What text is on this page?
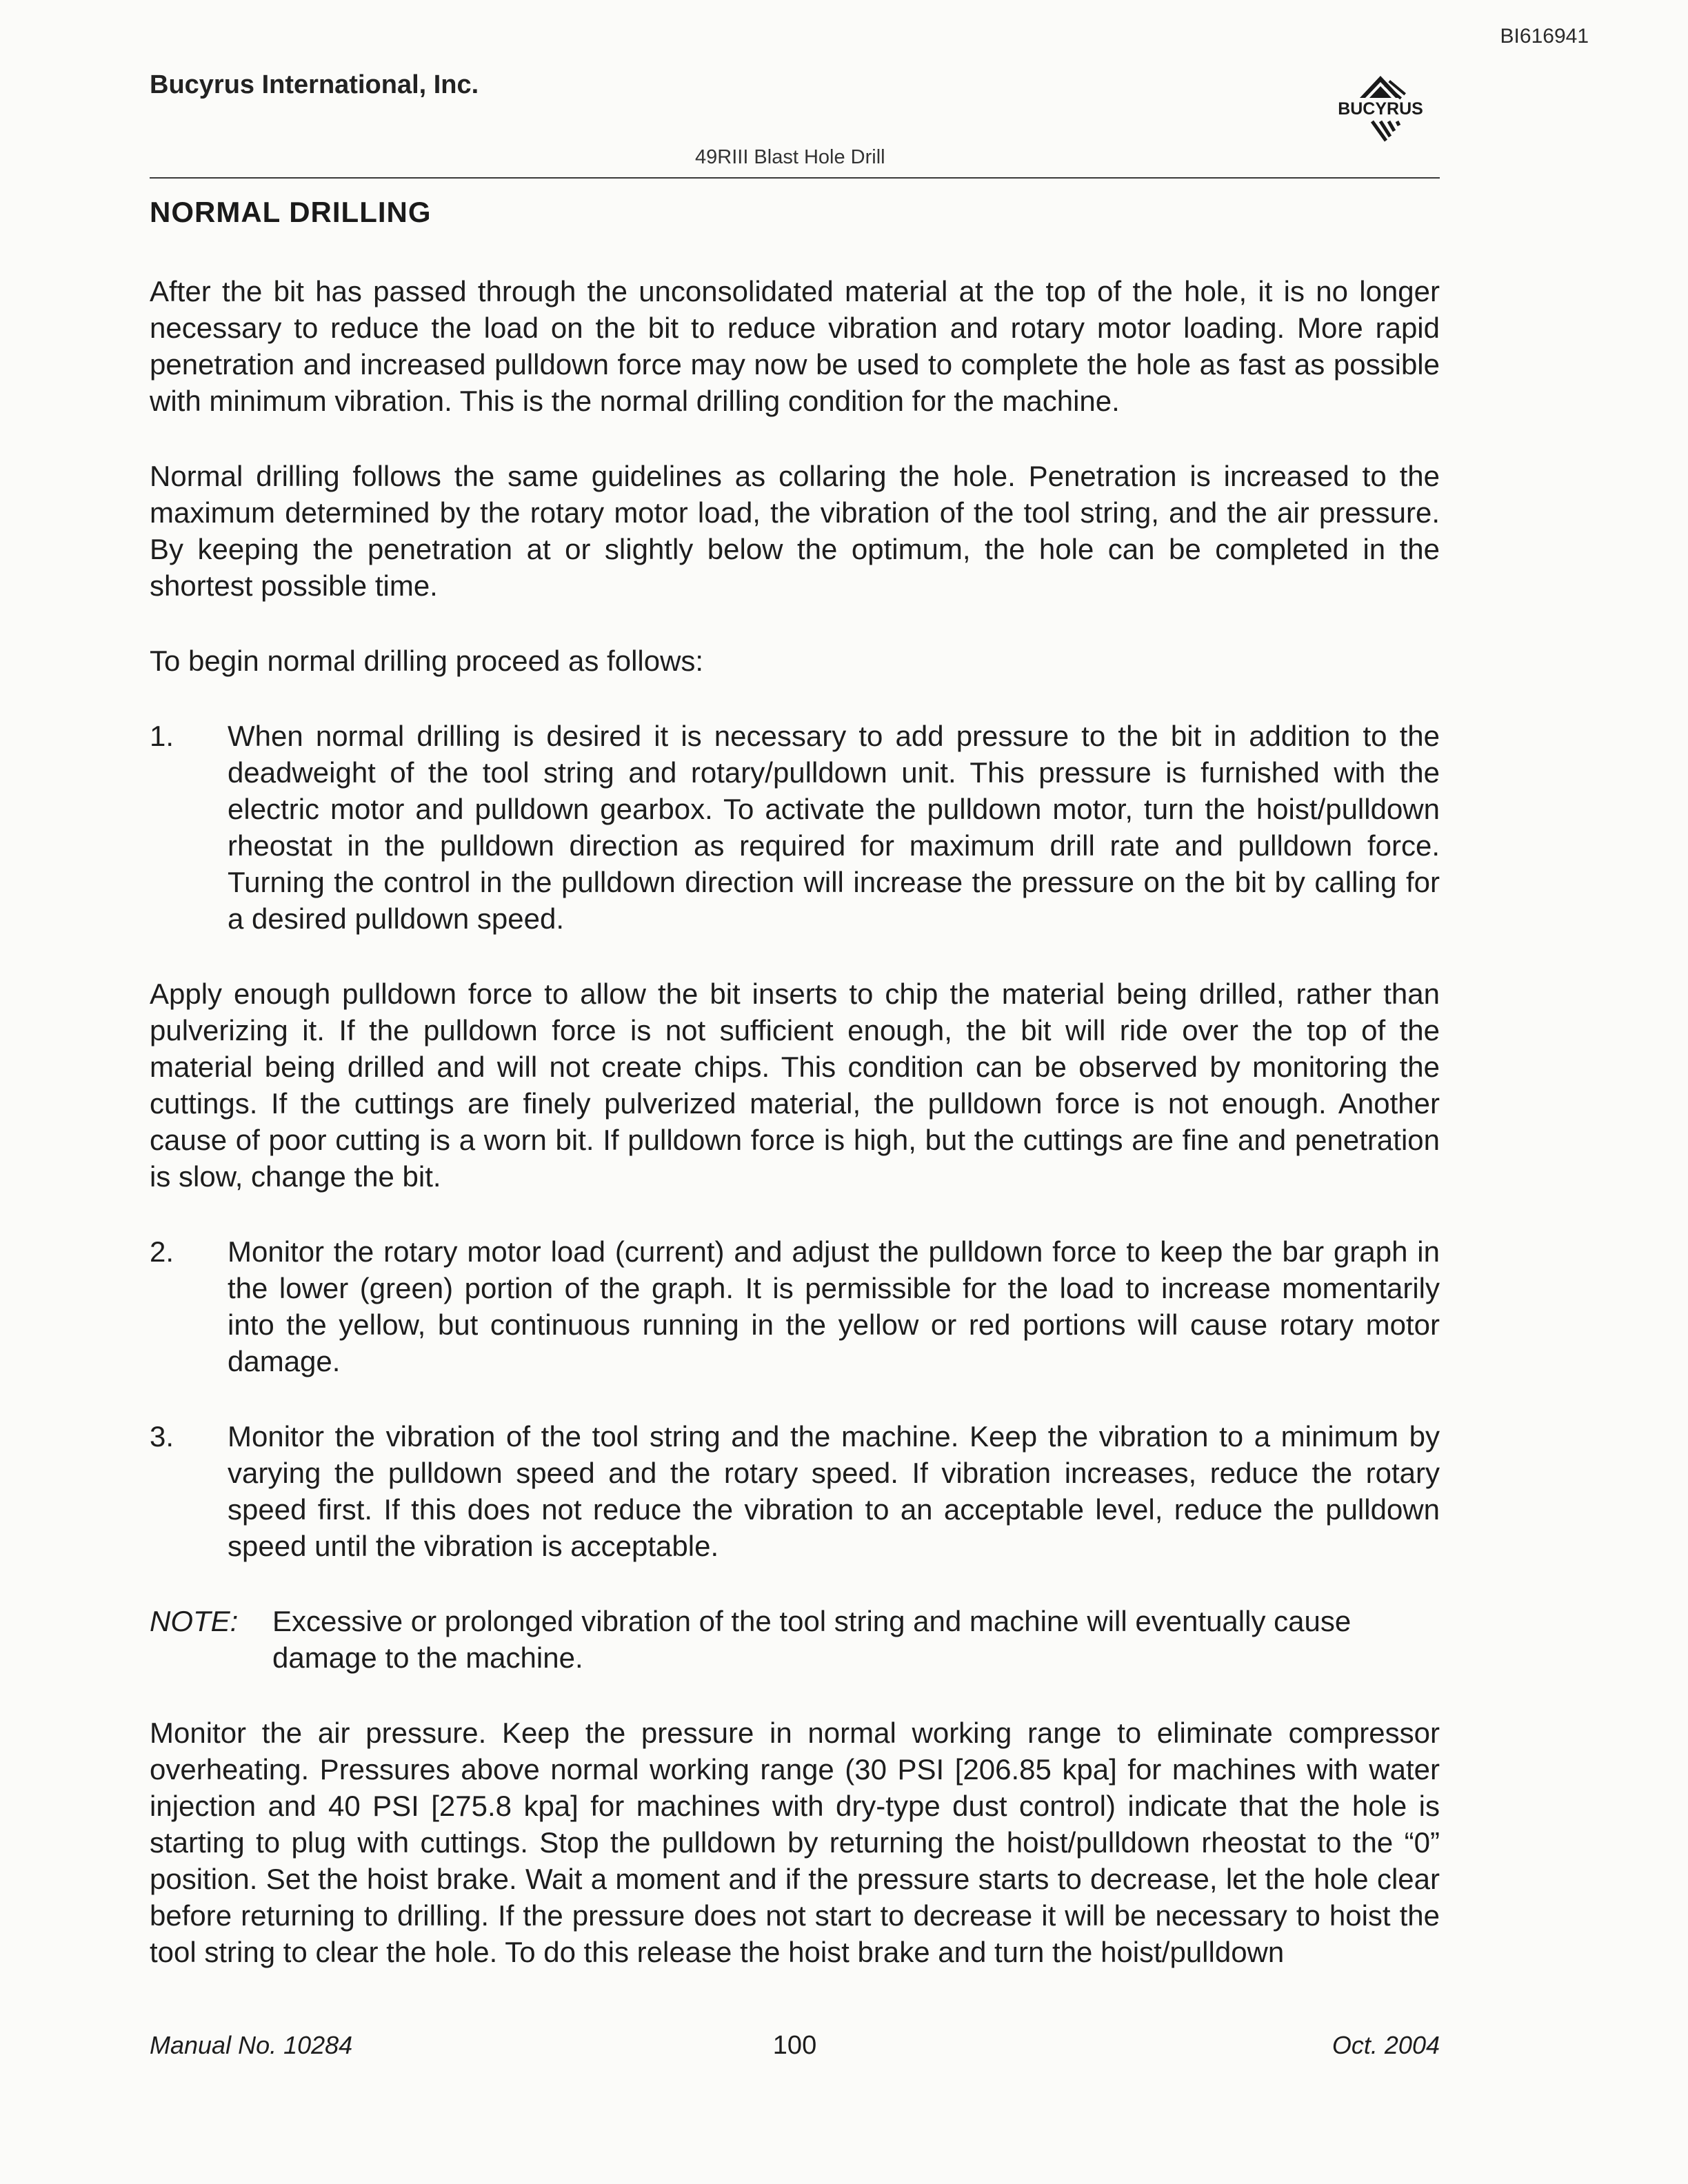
BI616941
Bucyrus International, Inc.
BUCYRUS
49RIII Blast Hole Drill
NORMAL DRILLING

After the bit has passed through the unconsolidated material at the top of the hole, it is no longer necessary to reduce the load on the bit to reduce vibration and rotary motor loading. More rapid penetration and increased pulldown force may now be used to complete the hole as fast as possible with minimum vibration. This is the normal drilling condition for the machine.

Normal drilling follows the same guidelines as collaring the hole. Penetration is increased to the maximum determined by the rotary motor load, the vibration of the tool string, and the air pressure. By keeping the penetration at or slightly below the optimum, the hole can be completed in the shortest possible time.

To begin normal drilling proceed as follows:

1. When normal drilling is desired it is necessary to add pressure to the bit in addition to the deadweight of the tool string and rotary/pulldown unit. This pressure is furnished with the electric motor and pulldown gearbox. To activate the pulldown motor, turn the hoist/pulldown rheostat in the pulldown direction as required for maximum drill rate and pulldown force. Turning the control in the pulldown direction will increase the pressure on the bit by calling for a desired pulldown speed.

Apply enough pulldown force to allow the bit inserts to chip the material being drilled, rather than pulverizing it. If the pulldown force is not sufficient enough, the bit will ride over the top of the material being drilled and will not create chips. This condition can be observed by monitoring the cuttings. If the cuttings are finely pulverized material, the pulldown force is not enough. Another cause of poor cutting is a worn bit. If pulldown force is high, but the cuttings are fine and penetration is slow, change the bit.

2. Monitor the rotary motor load (current) and adjust the pulldown force to keep the bar graph in the lower (green) portion of the graph. It is permissible for the load to increase momentarily into the yellow, but continuous running in the yellow or red portions will cause rotary motor damage.
3. Monitor the vibration of the tool string and the machine. Keep the vibration to a minimum by varying the pulldown speed and the rotary speed. If vibration increases, reduce the rotary speed first. If this does not reduce the vibration to an acceptable level, reduce the pulldown speed until the vibration is acceptable.
NOTE: Excessive or prolonged vibration of the tool string and machine will eventually cause damage to the machine.

Monitor the air pressure. Keep the pressure in normal working range to eliminate compressor overheating. Pressures above normal working range (30 PSI [206.85 kpa] for machines with water injection and 40 PSI [275.8 kpa] for machines with dry-type dust control) indicate that the hole is starting to plug with cuttings. Stop the pulldown by returning the hoist/pulldown rheostat to the “0” position. Set the hoist brake. Wait a moment and if the pressure starts to decrease, let the hole clear before returning to drilling. If the pressure does not start to decrease it will be necessary to hoist the tool string to clear the hole. To do this release the hoist brake and turn the hoist/pulldown

Manual No. 10284	100	Oct. 2004
